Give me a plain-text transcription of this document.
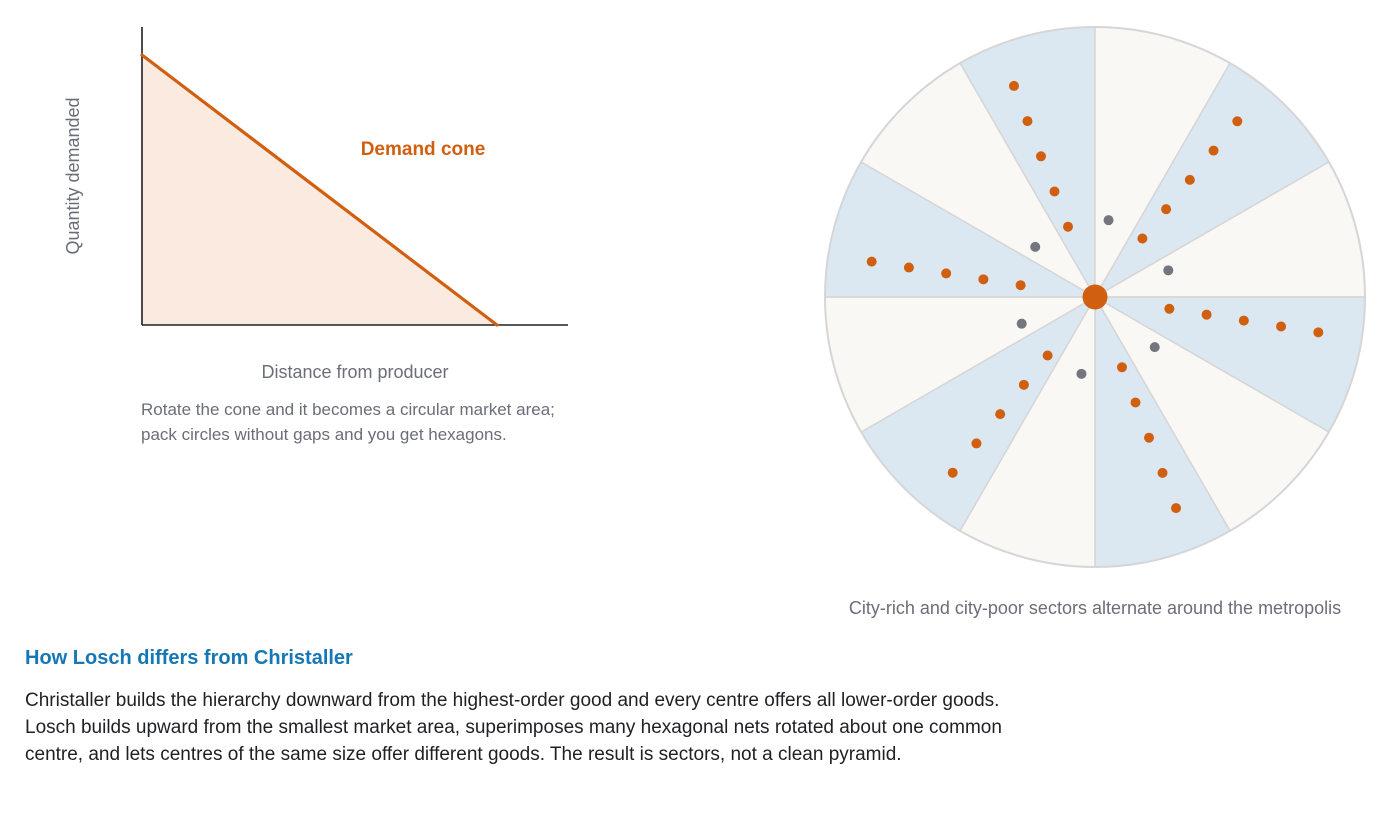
Demand cone
Quantity demanded
Distance from producer
Rotate the cone and it becomes a circular market area;
pack circles without gaps and you get hexagons.
City-rich and city-poor sectors alternate around the metropolis
How Losch differs from Christaller

Christaller builds the hierarchy downward from the highest-order good and every centre offers all lower-order goods. Losch builds upward from the smallest market area, superimposes many hexagonal nets rotated about one common centre, and lets centres of the same size offer different goods. The result is sectors, not a clean pyramid.
